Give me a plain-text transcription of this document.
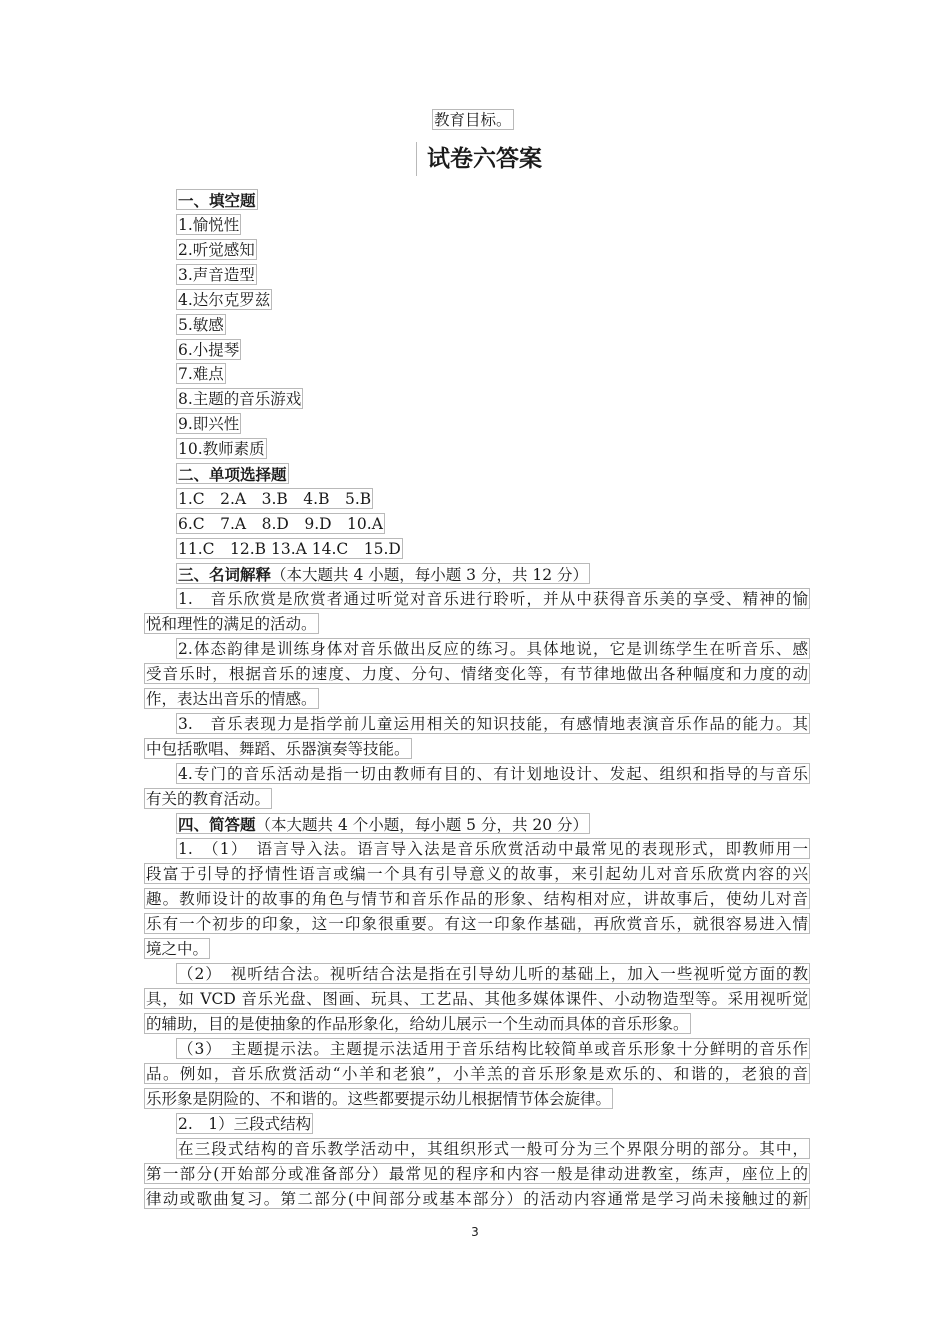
教育目标。
试卷六答案
一、填空题
1.愉悦性
2.听觉感知
3.声音造型
4.达尔克罗兹
5.敏感
6.小提琴
7.难点
8.主题的音乐游戏
9.即兴性
10.教师素质
二、单项选择题
1.C　2.A　3.B　4.B　5.B
6.C　7.A　8.D　9.D　10.A
11.C　12.B 13.A 14.C　15.D
三、名词解释（本大题共 4 小题，每小题 3 分，共 12 分）
1.　音乐欣赏是欣赏者通过听觉对音乐进行聆听，并从中获得音乐美的享受、精神的愉
悦和理性的满足的活动。
2.体态韵律是训练身体对音乐做出反应的练习。具体地说，它是训练学生在听音乐、感
受音乐时，根据音乐的速度、力度、分句、情绪变化等，有节律地做出各种幅度和力度的动
作，表达出音乐的情感。
3.　音乐表现力是指学前儿童运用相关的知识技能，有感情地表演音乐作品的能力。其
中包括歌唱、舞蹈、乐器演奏等技能。
4.专门的音乐活动是指一切由教师有目的、有计划地设计、发起、组织和指导的与音乐
有关的教育活动。
四、简答题（本大题共 4 个小题，每小题 5 分，共 20 分）
1.　（1）　语言导入法。语言导入法是音乐欣赏活动中最常见的表现形式，即教师用一
段富于引导的抒情性语言或编一个具有引导意义的故事，来引起幼儿对音乐欣赏内容的兴
趣。教师设计的故事的角色与情节和音乐作品的形象、结构相对应，讲故事后，使幼儿对音
乐有一个初步的印象，这一印象很重要。有这一印象作基础，再欣赏音乐，就很容易进入情
境之中。
（2）　视听结合法。视听结合法是指在引导幼儿听的基础上，加入一些视听觉方面的教
具，如 VCD 音乐光盘、图画、玩具、工艺品、其他多媒体课件、小动物造型等。采用视听觉
的辅助，目的是使抽象的作品形象化，给幼儿展示一个生动而具体的音乐形象。
（3）　主题提示法。主题提示法适用于音乐结构比较简单或音乐形象十分鲜明的音乐作
品。例如，音乐欣赏活动“小羊和老狼”，小羊羔的音乐形象是欢乐的、和谐的，老狼的音
乐形象是阴险的、不和谐的。这些都要提示幼儿根据情节体会旋律。
2.　1）三段式结构
在三段式结构的音乐教学活动中，其组织形式一般可分为三个界限分明的部分。其中，
第一部分(开始部分或准备部分）最常见的程序和内容一般是律动进教室，练声，座位上的
律动或歌曲复习。第二部分(中间部分或基本部分）的活动内容通常是学习尚未接触过的新
3
